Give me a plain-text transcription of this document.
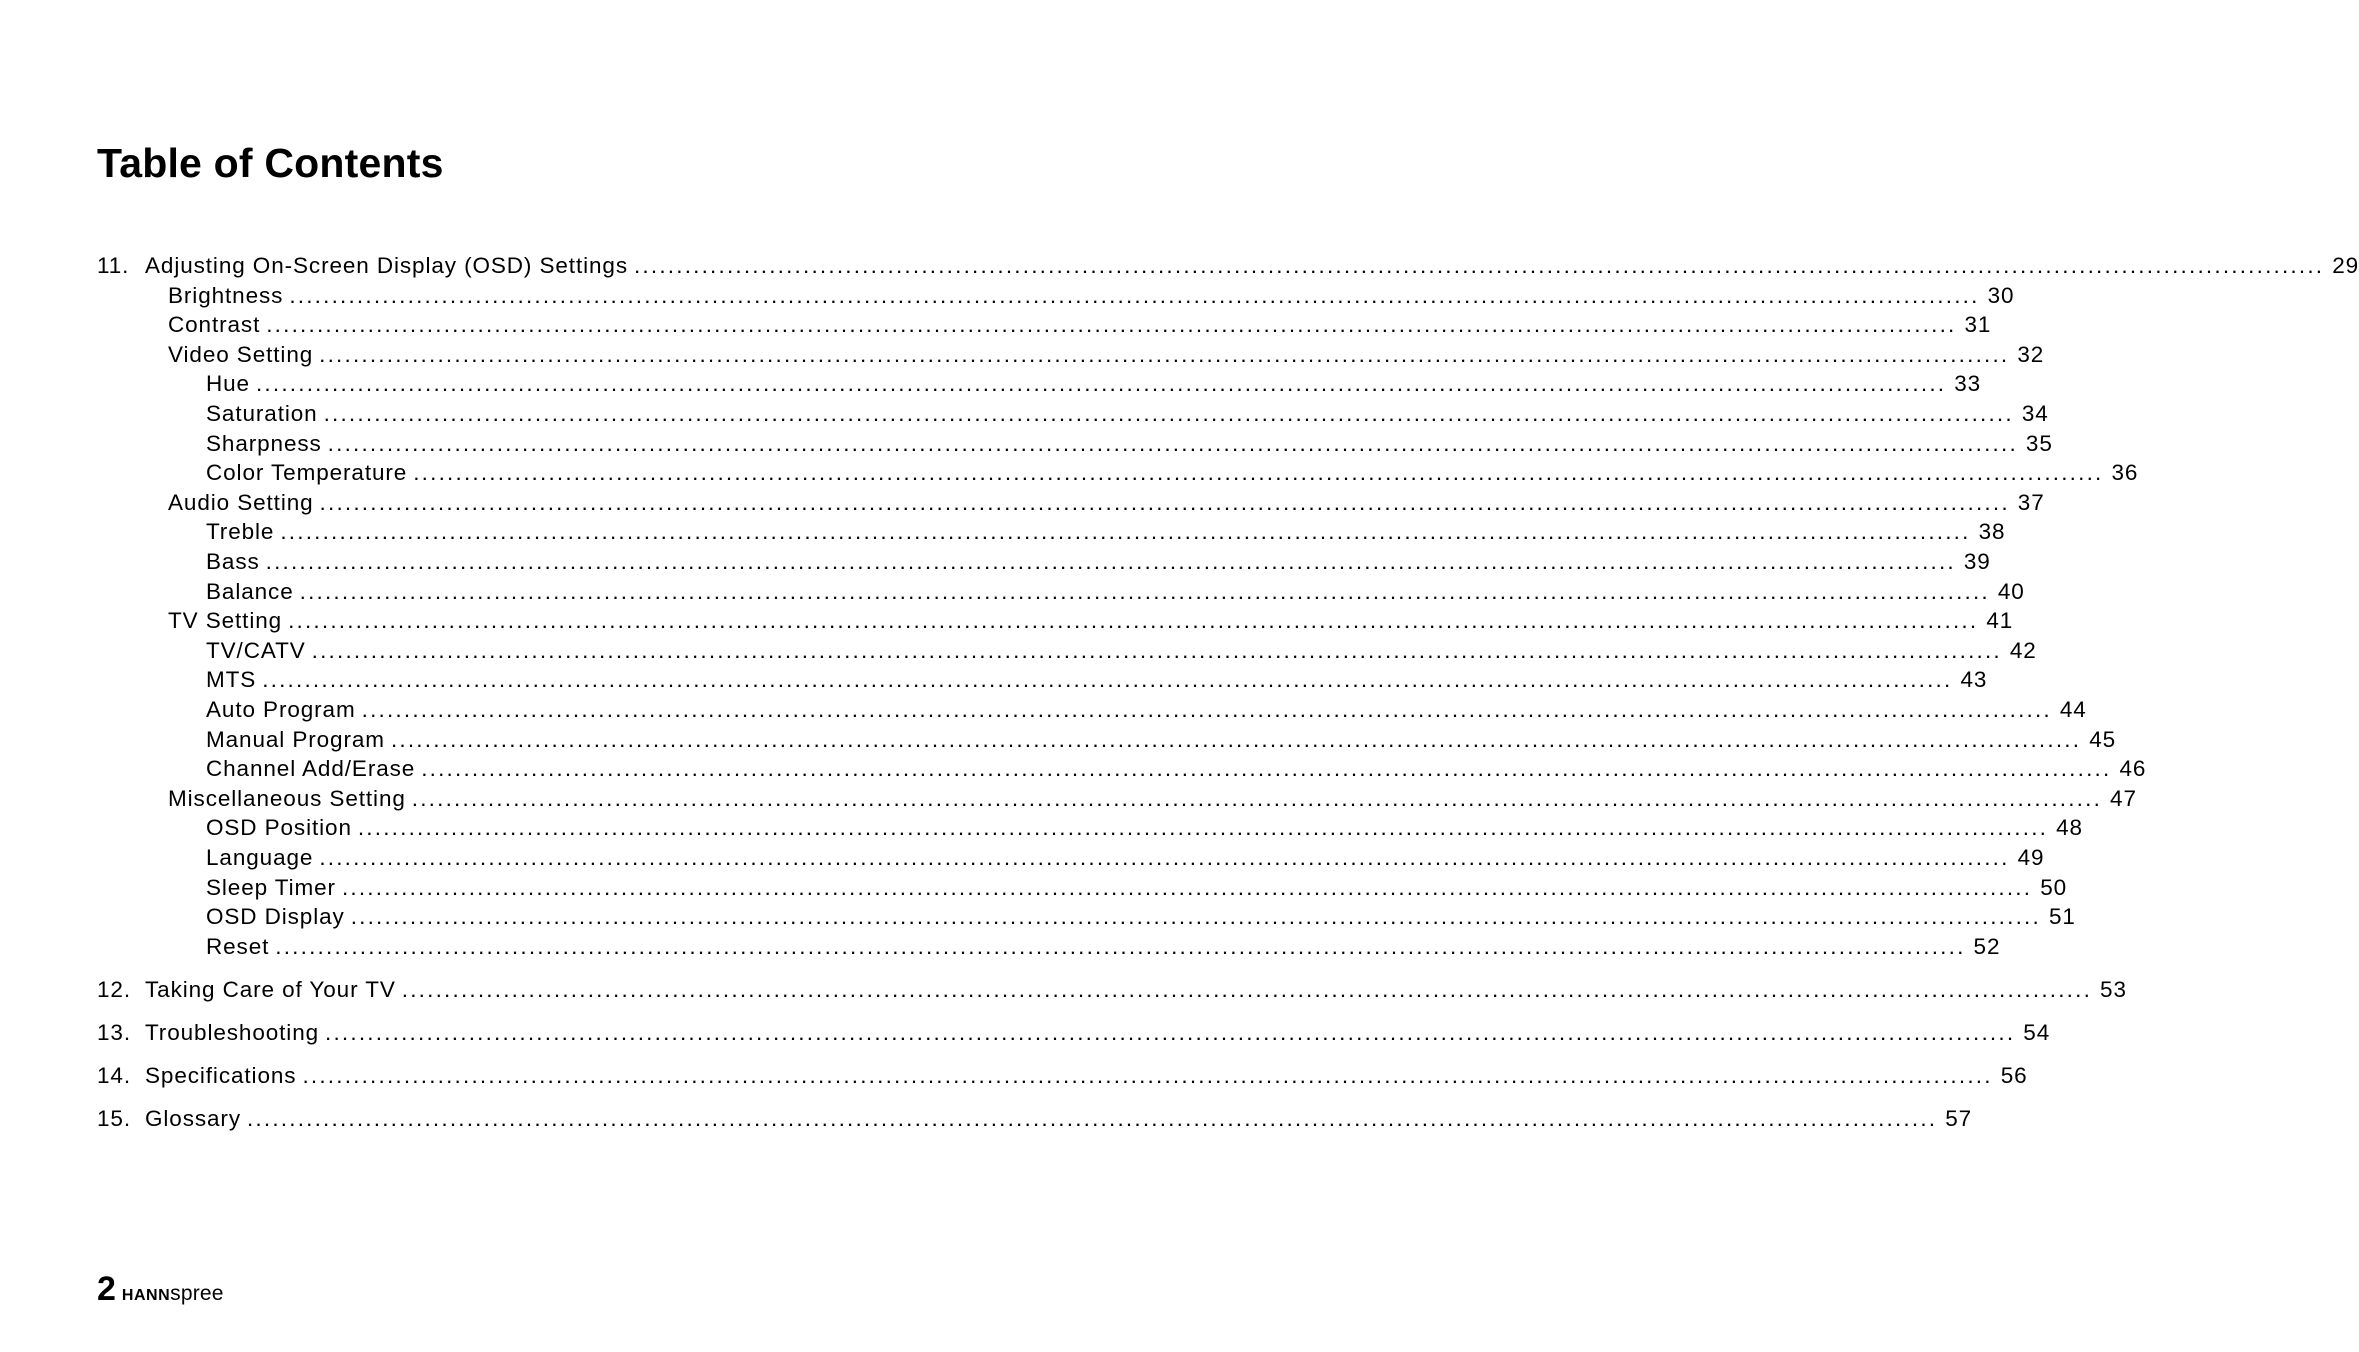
Table of Contents
11. Adjusting On-Screen Display (OSD) Settings ........................................................................................................................................................................................................ 29
Brightness ........................................................................................................................................................................................................ 30
Contrast ........................................................................................................................................................................................................ 31
Video Setting ........................................................................................................................................................................................................ 32
Hue ........................................................................................................................................................................................................ 33
Saturation ........................................................................................................................................................................................................ 34
Sharpness ........................................................................................................................................................................................................ 35
Color Temperature ........................................................................................................................................................................................................ 36
Audio Setting ........................................................................................................................................................................................................ 37
Treble ........................................................................................................................................................................................................ 38
Bass ........................................................................................................................................................................................................ 39
Balance ........................................................................................................................................................................................................ 40
TV Setting ........................................................................................................................................................................................................ 41
TV/CATV ........................................................................................................................................................................................................ 42
MTS ........................................................................................................................................................................................................ 43
Auto Program ........................................................................................................................................................................................................ 44
Manual Program ........................................................................................................................................................................................................ 45
Channel Add/Erase ........................................................................................................................................................................................................ 46
Miscellaneous Setting ........................................................................................................................................................................................................ 47
OSD Position ........................................................................................................................................................................................................ 48
Language ........................................................................................................................................................................................................ 49
Sleep Timer ........................................................................................................................................................................................................ 50
OSD Display ........................................................................................................................................................................................................ 51
Reset ........................................................................................................................................................................................................ 52
12. Taking Care of Your TV ........................................................................................................................................................................................................ 53
13. Troubleshooting ........................................................................................................................................................................................................ 54
14. Specifications ........................................................................................................................................................................................................ 56
15. Glossary ........................................................................................................................................................................................................ 57
2 HANNspree
